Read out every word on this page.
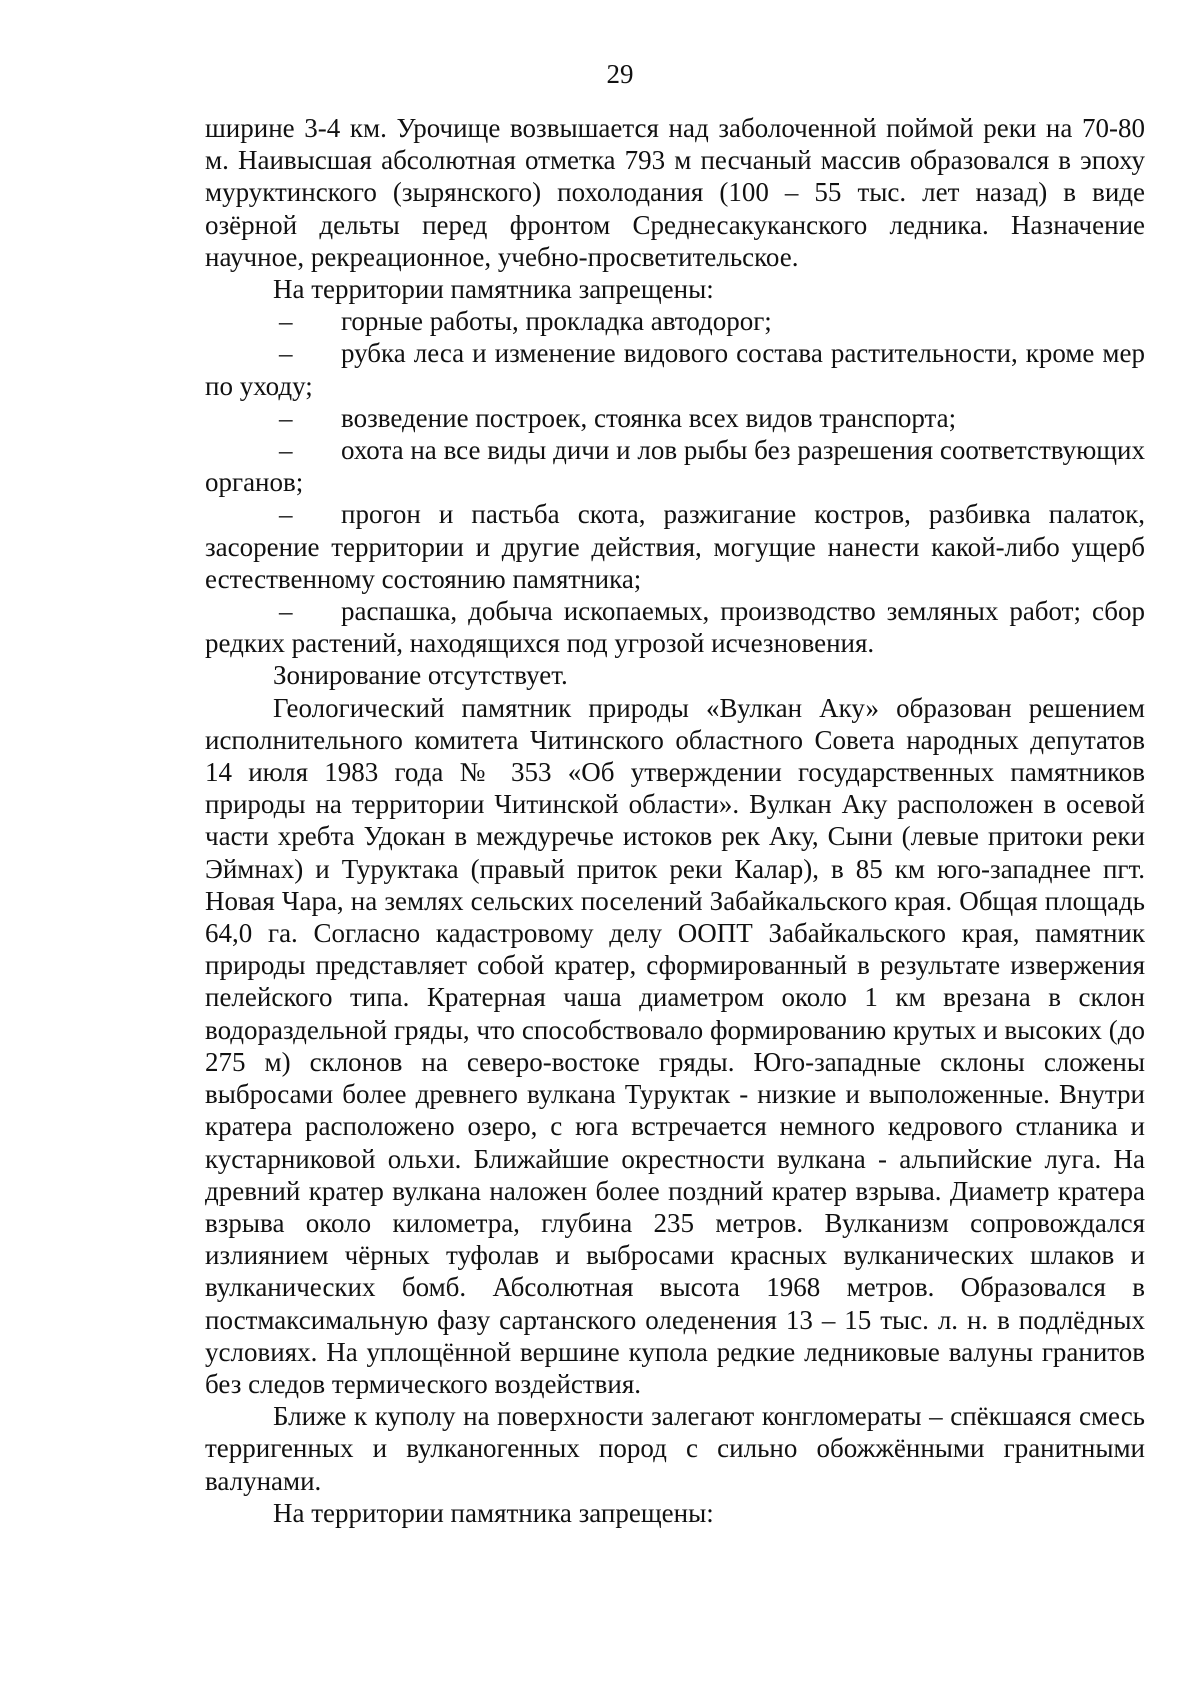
29

ширине 3-4 км. Урочище возвышается над заболоченной поймой реки на 70-80 м. Наивысшая абсолютная отметка 793 м песчаный массив образовался в эпоху муруктинского (зырянского) похолодания (100 – 55 тыс. лет назад) в виде озёрной дельты перед фронтом Среднесакуканского ледника. Назначение научное, рекреационное, учебно-просветительское.

На территории памятника запрещены:

– горные работы, прокладка автодорог;

– рубка леса и изменение видового состава растительности, кроме мер по уходу;

– возведение построек, стоянка всех видов транспорта;

– охота на все виды дичи и лов рыбы без разрешения соответствующих органов;

– прогон и пастьба скота, разжигание костров, разбивка палаток, засорение территории и другие действия, могущие нанести какой-либо ущерб естественному состоянию памятника;

– распашка, добыча ископаемых, производство земляных работ; сбор редких растений, находящихся под угрозой исчезновения.

Зонирование отсутствует.

Геологический памятник природы «Вулкан Аку» образован решением исполнительного комитета Читинского областного Совета народных депутатов 14 июля 1983 года № 353 «Об утверждении государственных памятников природы на территории Читинской области». Вулкан Аку расположен в осевой части хребта Удокан в междуречье истоков рек Аку, Сыни (левые притоки реки Эймнах) и Туруктака (правый приток реки Калар), в 85 км юго-западнее пгт. Новая Чара, на землях сельских поселений Забайкальского края. Общая площадь 64,0 га. Согласно кадастровому делу ООПТ Забайкальского края, памятник природы представляет собой кратер, сформированный в результате извержения пелейского типа. Кратерная чаша диаметром около 1 км врезана в склон водораздельной гряды, что способствовало формированию крутых и высоких (до 275 м) склонов на северо-востоке гряды. Юго-западные склоны сложены выбросами более древнего вулкана Туруктак - низкие и выположенные. Внутри кратера расположено озеро, с юга встречается немного кедрового стланика и кустарниковой ольхи. Ближайшие окрестности вулкана - альпийские луга. На древний кратер вулкана наложен более поздний кратер взрыва. Диаметр кратера взрыва около километра, глубина 235 метров. Вулканизм сопровождался излиянием чёрных туфолав и выбросами красных вулканических шлаков и вулканических бомб. Абсолютная высота 1968 метров. Образовался в постмаксимальную фазу сартанского оледенения 13 – 15 тыс. л. н. в подлёдных условиях. На уплощённой вершине купола редкие ледниковые валуны гранитов без следов термического воздействия.

Ближе к куполу на поверхности залегают конгломераты – спёкшаяся смесь терригенных и вулканогенных пород с сильно обожжёнными гранитными валунами.

На территории памятника запрещены:
